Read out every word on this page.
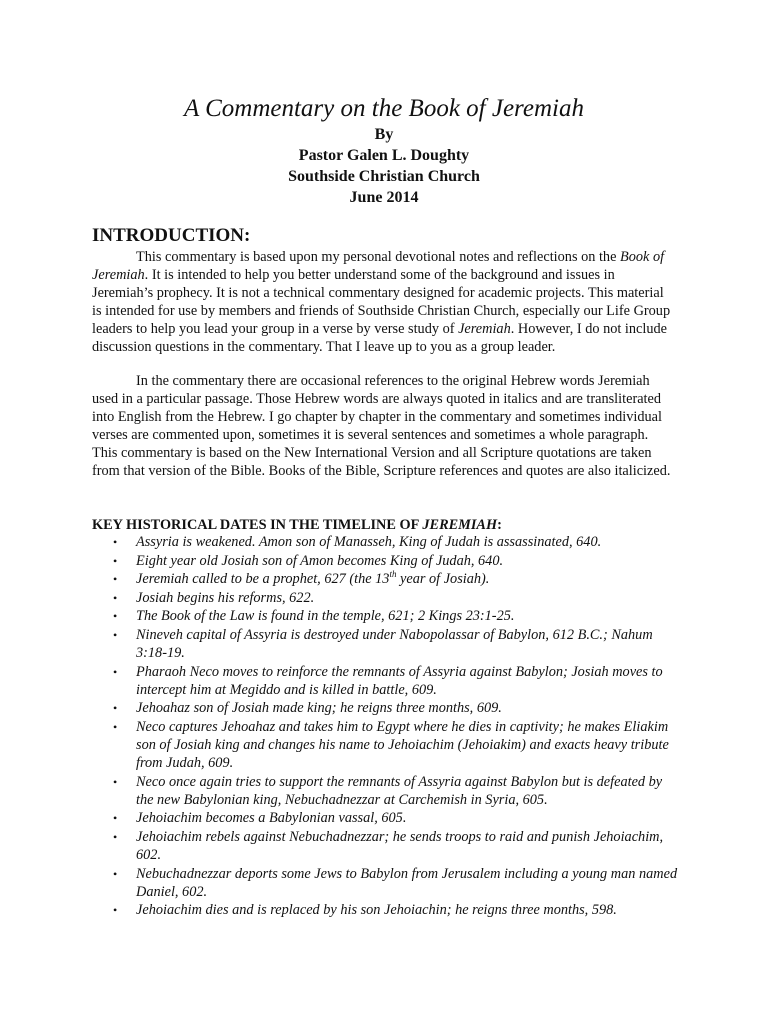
A Commentary on the Book of Jeremiah
By
Pastor Galen L. Doughty
Southside Christian Church
June 2014
INTRODUCTION:
This commentary is based upon my personal devotional notes and reflections on the Book of Jeremiah. It is intended to help you better understand some of the background and issues in Jeremiah’s prophecy. It is not a technical commentary designed for academic projects. This material is intended for use by members and friends of Southside Christian Church, especially our Life Group leaders to help you lead your group in a verse by verse study of Jeremiah. However, I do not include discussion questions in the commentary. That I leave up to you as a group leader.
In the commentary there are occasional references to the original Hebrew words Jeremiah used in a particular passage. Those Hebrew words are always quoted in italics and are transliterated into English from the Hebrew. I go chapter by chapter in the commentary and sometimes individual verses are commented upon, sometimes it is several sentences and sometimes a whole paragraph. This commentary is based on the New International Version and all Scripture quotations are taken from that version of the Bible. Books of the Bible, Scripture references and quotes are also italicized.
KEY HISTORICAL DATES IN THE TIMELINE OF JEREMIAH:
• Assyria is weakened. Amon son of Manasseh, King of Judah is assassinated, 640.
• Eight year old Josiah son of Amon becomes King of Judah, 640.
• Jeremiah called to be a prophet, 627 (the 13th year of Josiah).
• Josiah begins his reforms, 622.
• The Book of the Law is found in the temple, 621; 2 Kings 23:1-25.
• Nineveh capital of Assyria is destroyed under Nabopolassar of Babylon, 612 B.C.; Nahum 3:18-19.
• Pharaoh Neco moves to reinforce the remnants of Assyria against Babylon; Josiah moves to intercept him at Megiddo and is killed in battle, 609.
• Jehoahaz son of Josiah made king; he reigns three months, 609.
• Neco captures Jehoahaz and takes him to Egypt where he dies in captivity; he makes Eliakim son of Josiah king and changes his name to Jehoiachim (Jehoiakim) and exacts heavy tribute from Judah, 609.
• Neco once again tries to support the remnants of Assyria against Babylon but is defeated by the new Babylonian king, Nebuchadnezzar at Carchemish in Syria, 605.
• Jehoiachim becomes a Babylonian vassal, 605.
• Jehoiachim rebels against Nebuchadnezzar; he sends troops to raid and punish Jehoiachim, 602.
• Nebuchadnezzar deports some Jews to Babylon from Jerusalem including a young man named Daniel, 602.
• Jehoiachim dies and is replaced by his son Jehoiachin; he reigns three months, 598.
